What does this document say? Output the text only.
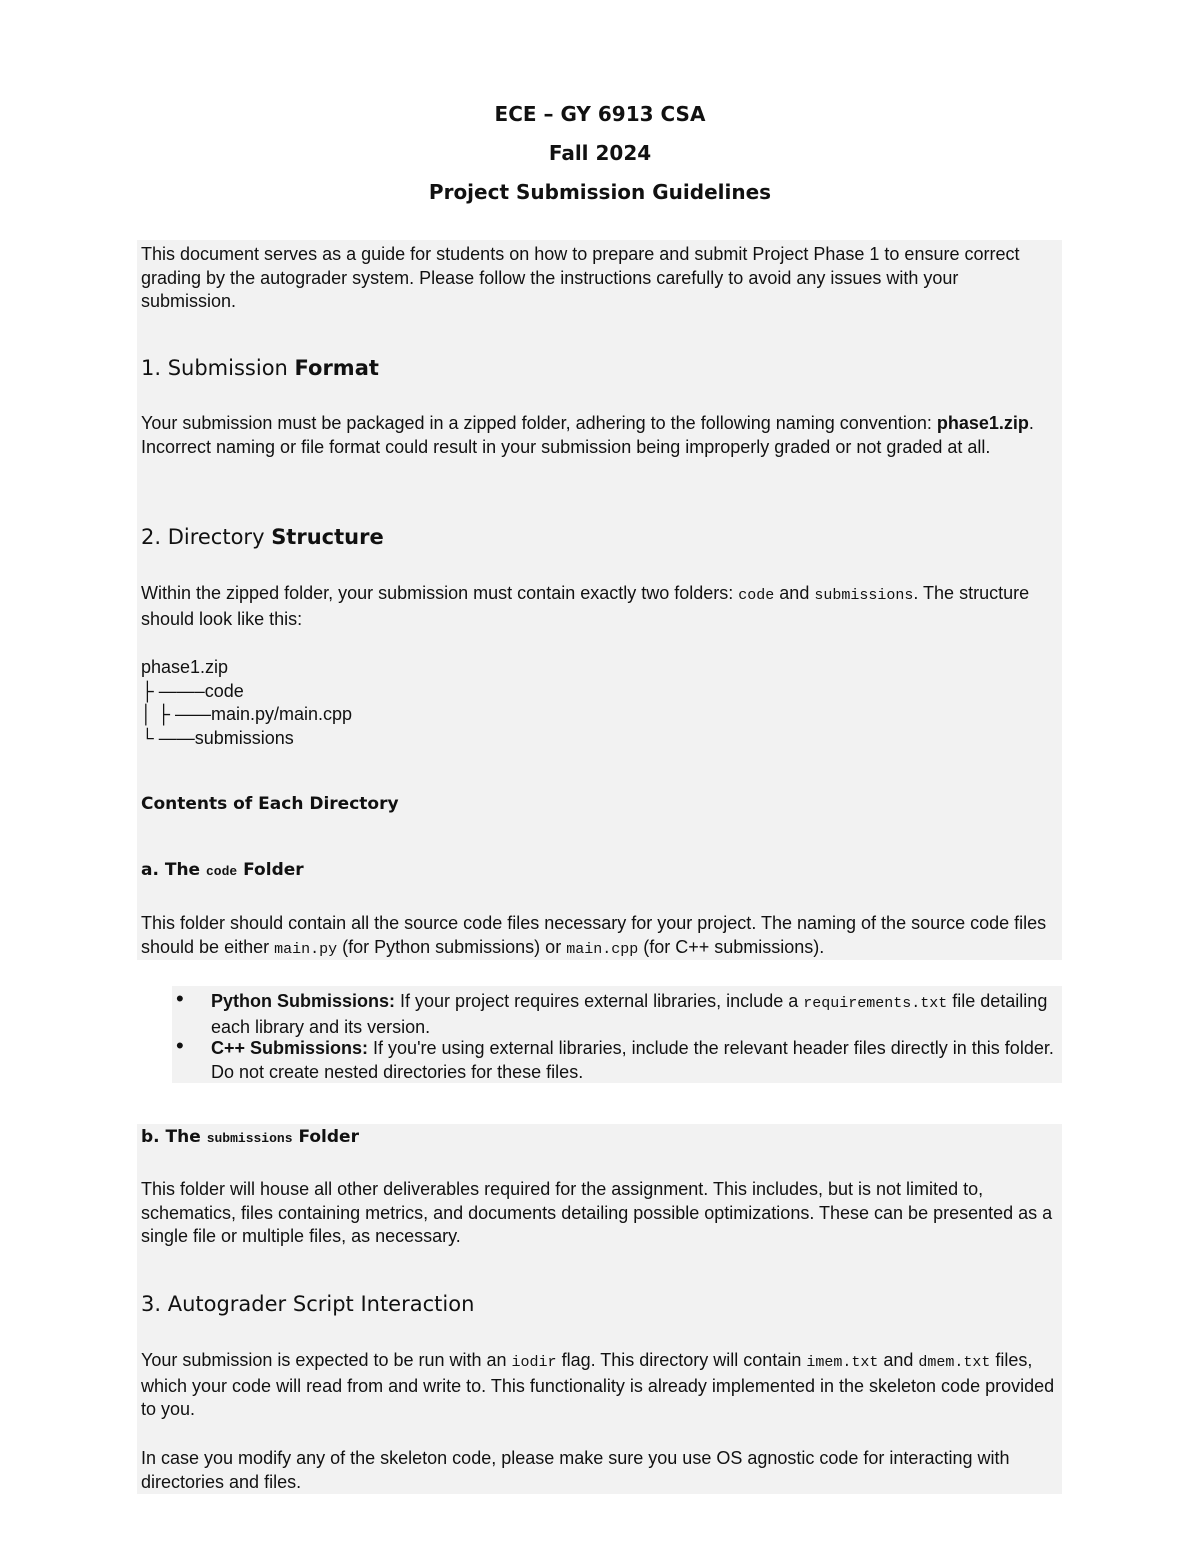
ECE – GY 6913 CSA
Fall 2024
Project Submission Guidelines
This document serves as a guide for students on how to prepare and submit Project Phase 1 to ensure correct grading by the autograder system. Please follow the instructions carefully to avoid any issues with your submission.
1. Submission Format
Your submission must be packaged in a zipped folder, adhering to the following naming convention: phase1.zip. Incorrect naming or file format could result in your submission being improperly graded or not graded at all.
2. Directory Structure
Within the zipped folder, your submission must contain exactly two folders: code and submissions. The structure should look like this:
phase1.zip
├ ——–code
│ ├ ——main.py/main.cpp
└ ——submissions
Contents of Each Directory
a. The code Folder
This folder should contain all the source code files necessary for your project. The naming of the source code files should be either main.py (for Python submissions) or main.cpp (for C++ submissions).
• Python Submissions: If your project requires external libraries, include a requirements.txt file detailing each library and its version.
• C++ Submissions: If you're using external libraries, include the relevant header files directly in this folder. Do not create nested directories for these files.
b. The submissions Folder
This folder will house all other deliverables required for the assignment. This includes, but is not limited to, schematics, files containing metrics, and documents detailing possible optimizations. These can be presented as a single file or multiple files, as necessary.
3. Autograder Script Interaction
Your submission is expected to be run with an iodir flag. This directory will contain imem.txt and dmem.txt files, which your code will read from and write to. This functionality is already implemented in the skeleton code provided to you.
In case you modify any of the skeleton code, please make sure you use OS agnostic code for interacting with directories and files.
